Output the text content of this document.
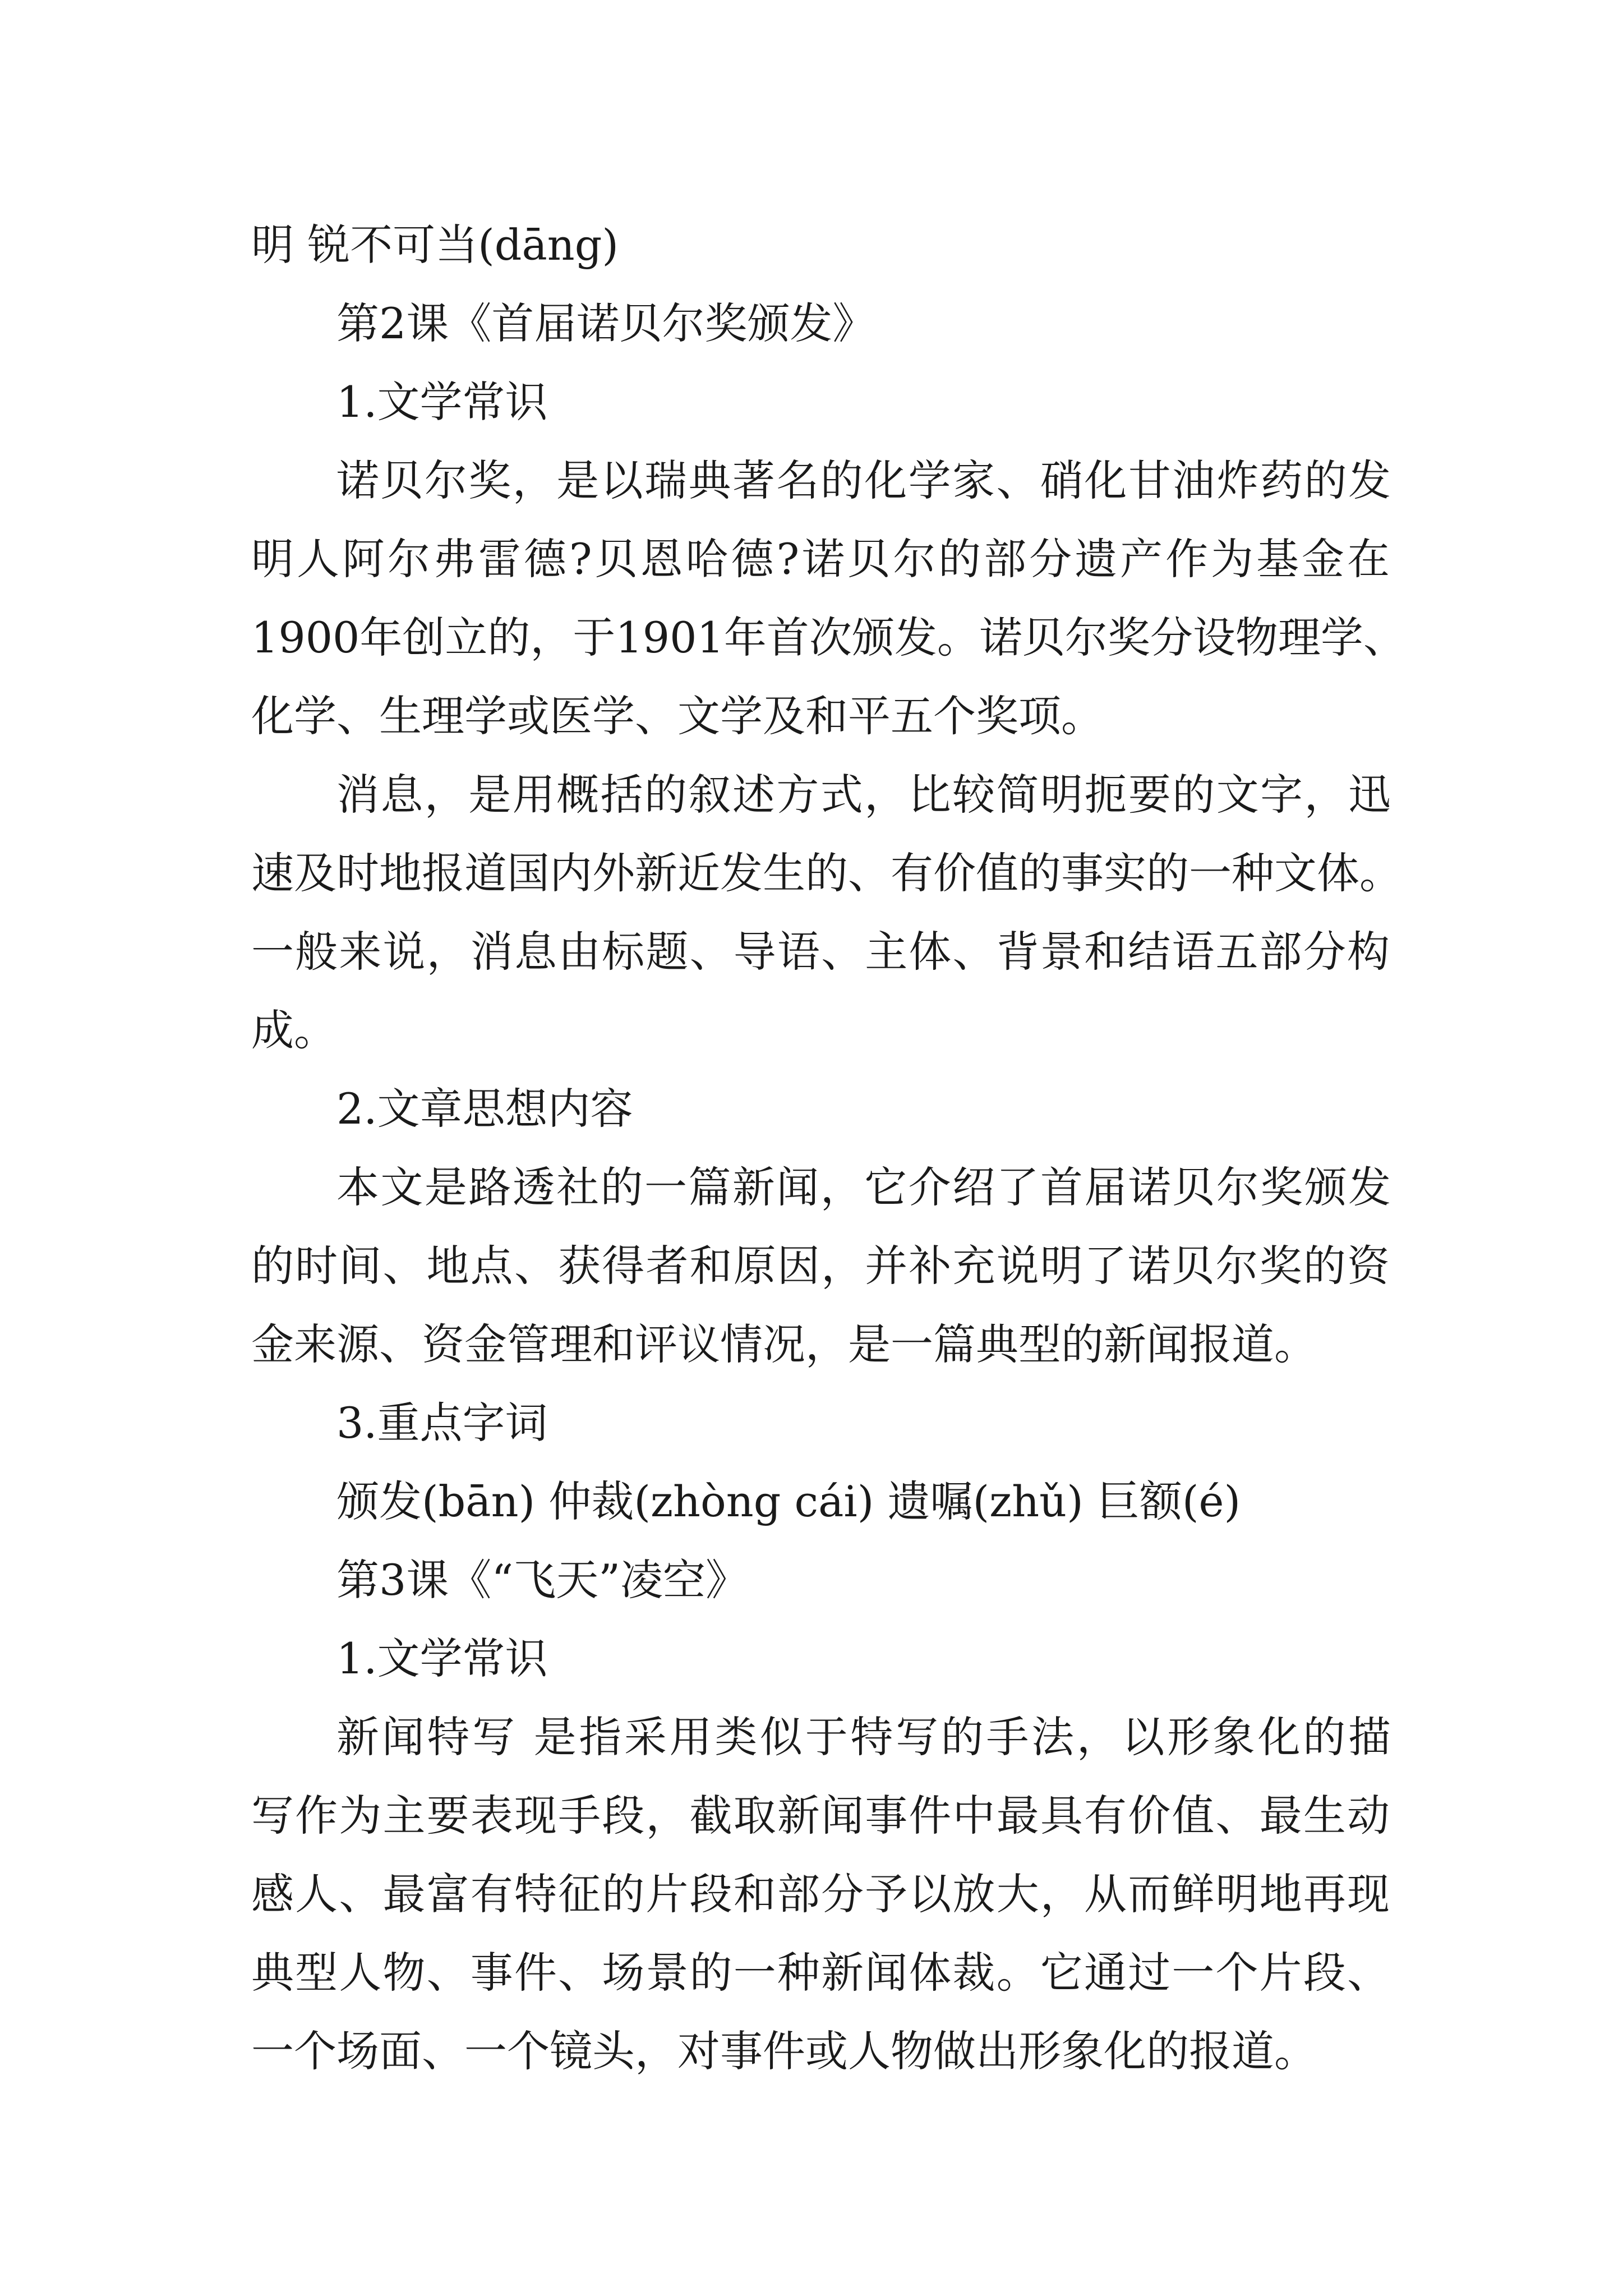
明 锐不可当(dāng)
第2课《首届诺贝尔奖颁发》
1.文学常识
诺贝尔奖，是以瑞典著名的化学家、硝化甘油炸药的发
明人阿尔弗雷德?贝恩哈德?诺贝尔的部分遗产作为基金在
1900年创立的，于1901年首次颁发。诺贝尔奖分设物理学、
化学、生理学或医学、文学及和平五个奖项。
消息，是用概括的叙述方式，比较简明扼要的文字，迅
速及时地报道国内外新近发生的、有价值的事实的一种文体。
一般来说，消息由标题、导语、主体、背景和结语五部分构
成。
2.文章思想内容
本文是路透社的一篇新闻，它介绍了首届诺贝尔奖颁发
的时间、地点、获得者和原因，并补充说明了诺贝尔奖的资
金来源、资金管理和评议情况，是一篇典型的新闻报道。
3.重点字词
颁发(bān) 仲裁(zhòng cái) 遗嘱(zhǔ) 巨额(é)
第3课《“飞天”凌空》
1.文学常识
新闻特写 是指采用类似于特写的手法，以形象化的描
写作为主要表现手段，截取新闻事件中最具有价值、最生动
感人、最富有特征的片段和部分予以放大，从而鲜明地再现
典型人物、事件、场景的一种新闻体裁。它通过一个片段、
一个场面、一个镜头，对事件或人物做出形象化的报道。
